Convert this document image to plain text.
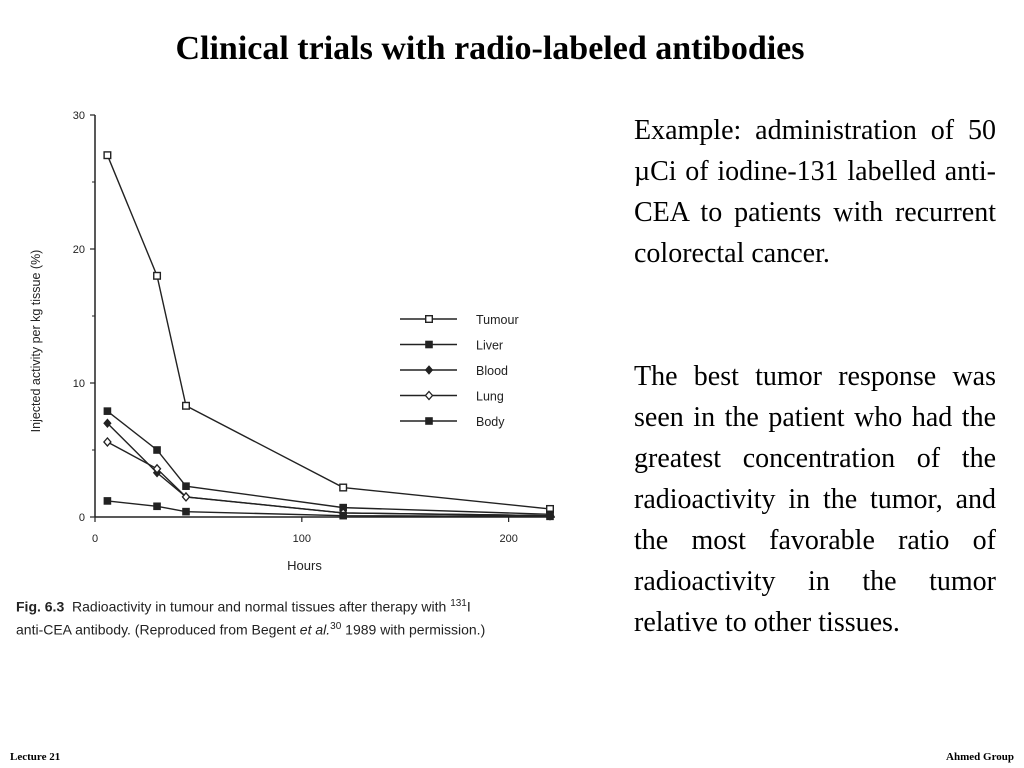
Clinical trials with radio-labeled antibodies
0
10
20
30
0	100	200
Hours
Injected activity per kg tissue (%)	Tumour
Liver
Blood
Lung
Body
Fig. 6.3 Radioactivity in tumour and normal tissues after therapy with $^{131}$I
anti-CEA antibody. (Reproduced from Begent et al.$^{30}$ 1989 with permission.)
Example: administration of 50 µCi of iodine-131 labelled anti-CEA to patients with recurrent colorectal cancer.
The best tumor response was seen in the patient who had the greatest concentration of the radioactivity in the tumor, and the most favorable ratio of radioactivity in the tumor relative to other tissues.
Lecture 21	Ahmed Group
